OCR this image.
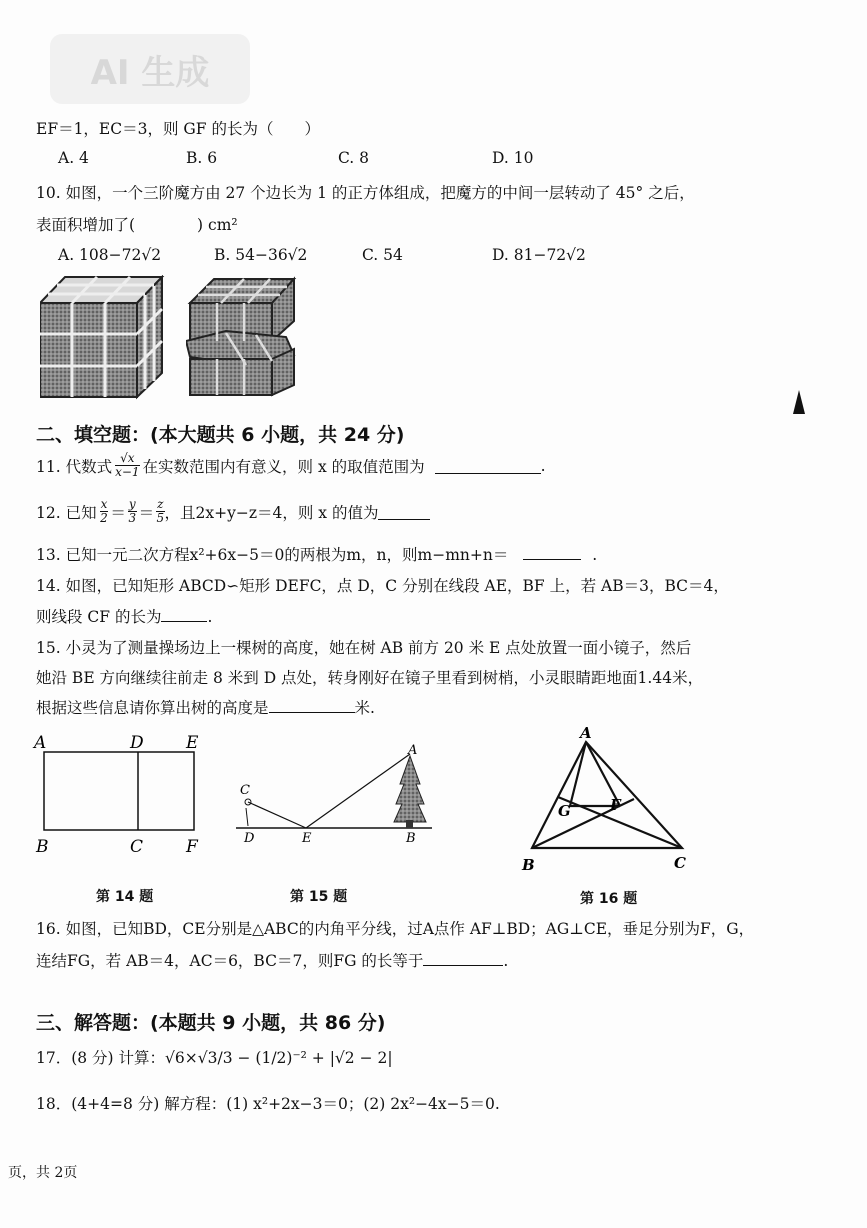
AI 生成
EF＝1，EC＝3，则 GF 的长为（　　）
A. 4	B. 6	C. 8	D. 10
10. 如图，一个三阶魔方由 27 个边长为 1 的正方体组成，把魔方的中间一层转动了 45° 之后，
表面积增加了(　　　　) cm²
A. 108−72√2	B. 54−36√2	C. 54	D. 81−72√2
二、填空题：(本大题共 6 小题，共 24 分)
11. 代数式 $\frac{√x}{x-1}$ 在实数范围内有意义，则 x 的取值范围为	.
12. 已知 $\frac{x}{2} = \frac{y}{3} = \frac{z}{5}$ ，且2x+y−z＝4，则 x 的值为
13. 已知一元二次方程x²+6x−5＝0的两根为m，n，则m−mn+n＝	.
14. 如图，已知矩形 ABCD∽矩形 DEFC，点 D，C 分别在线段 AE，BF 上，若 AB＝3，BC＝4，
则线段 CF 的长为	.
15. 小灵为了测量操场边上一棵树的高度，她在树 AB 前方 20 米 E 点处放置一面小镜子，然后
她沿 BE 方向继续往前走 8 米到 D 点处，转身刚好在镜子里看到树梢，小灵眼睛距地面1.44米，
根据这些信息请你算出树的高度是	米.
A	D E
B	C	F
第 14 题
C
D	E
A
B
第 15 题
A
G	F
B	C
第 16 题
16. 如图，已知BD，CE分别是△ABC的内角平分线，过A点作 AF⊥BD；AG⊥CE，垂足分别为F，G，
连结FG，若 AB＝4，AC＝6，BC＝7，则FG 的长等于	.
三、解答题：(本题共 9 小题，共 86 分)
17．(8 分) 计算：√6×√3/3 − (1/2)⁻² + |√2 − 2|
18．(4+4=8 分) 解方程：(1) x²+2x−3＝0；(2) 2x²−4x−5＝0.
页，共 2页
